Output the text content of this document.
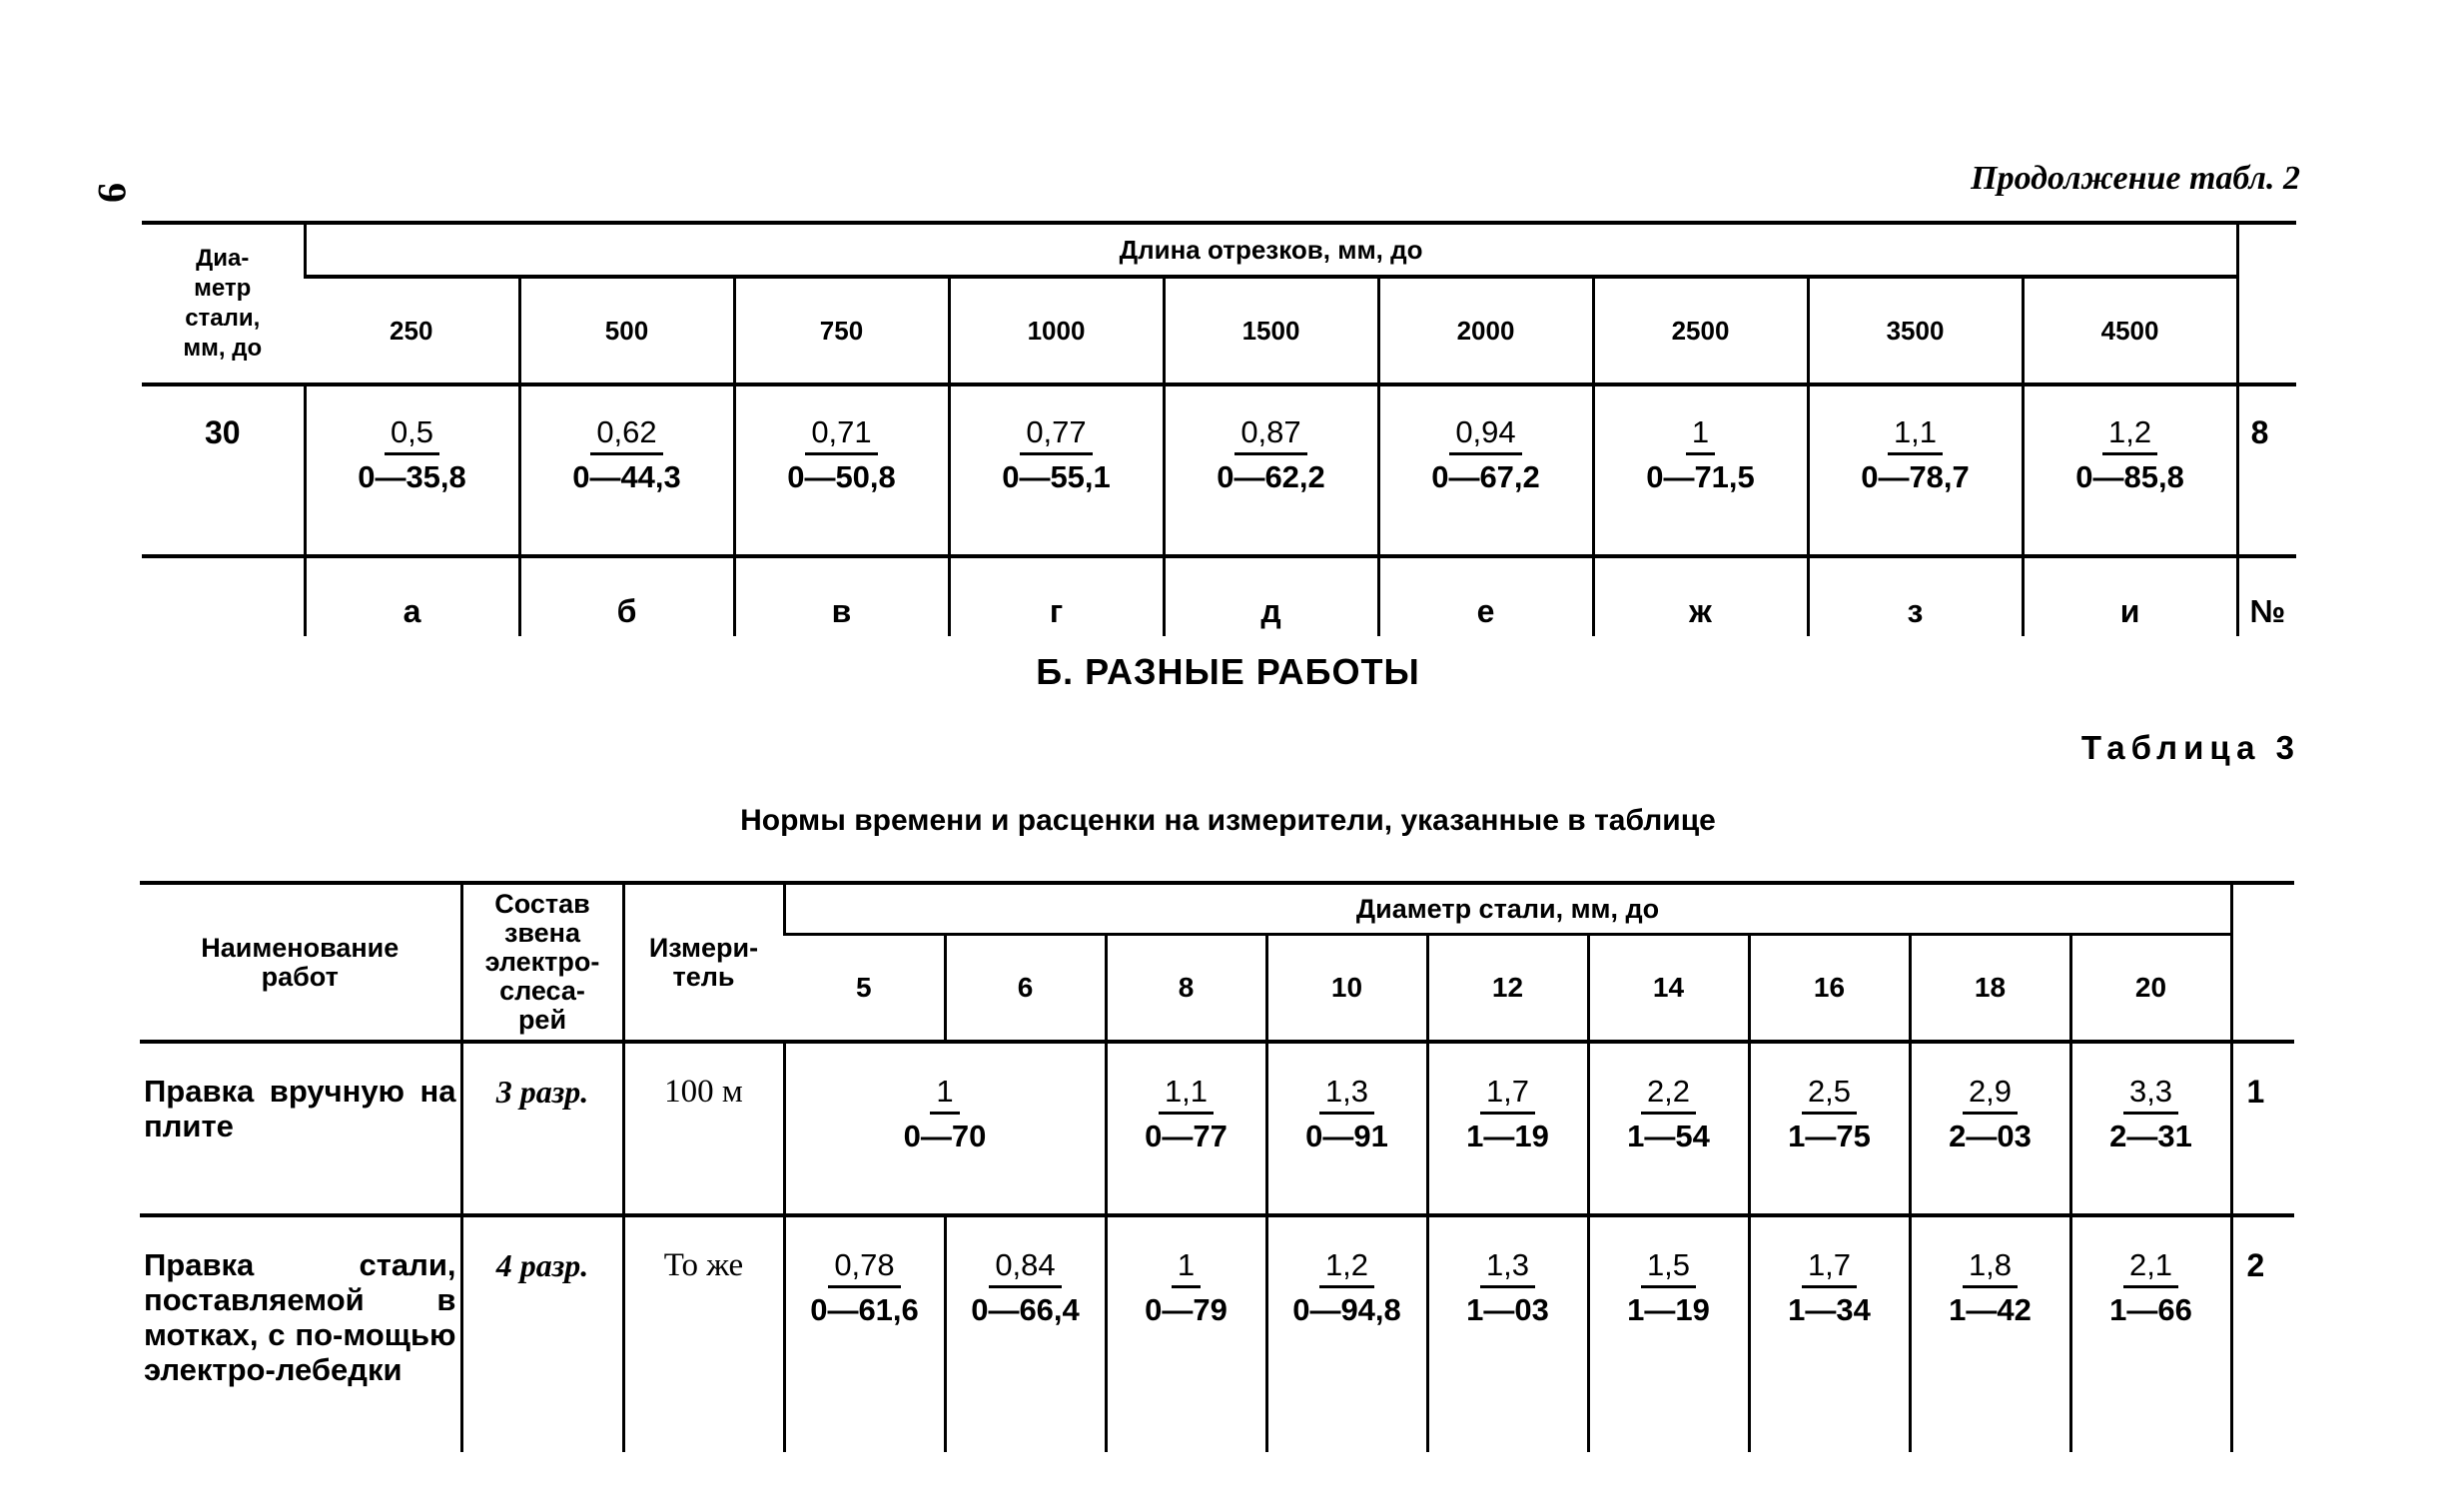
9	Продолжение табл. 2
Диа-
метр
стали,
мм, до	Длина отрезков, мм, до									
	250	500	750	1000	1500	2000	2500	3500	4500	
30	$\frac{0,5}{0—35,8}$	$\frac{0,62}{0—44,3}$	$\frac{0,71}{0—50,8}$	$\frac{0,77}{0—55,1}$	$\frac{0,87}{0—62,2}$	$\frac{0,94}{0—67,2}$	$\frac{1}{0—71,5}$	$\frac{1,1}{0—78,7}$	$\frac{1,2}{0—85,8}$	8
	а	б	в	г	д	е	ж	з	и	№
Б. РАЗНЫЕ РАБОТЫ
Таблица 3
Нормы времени и расценки на измерители, указанные в таблице
Наименование
работ	Состав
звена
электро-
слеса-
рей	Измери-
тель	Диаметр стали, мм, до									
			5	6	8	10	12	14	16	18	20	
Правка вручную на плите	3 разр.	100 м	$\frac{1}{0—70}$		$\frac{1,1}{0—77}$	$\frac{1,3}{0—91}$	$\frac{1,7}{1—19}$	$\frac{2,2}{1—54}$	$\frac{2,5}{1—75}$	$\frac{2,9}{2—03}$	$\frac{3,3}{2—31}$	1
Правка стали, поставляемой в мотках, с по-мощью электро-лебедки	4 разр.	То же	$\frac{0,78}{0—61,6}$	$\frac{0,84}{0—66,4}$	$\frac{1}{0—79}$	$\frac{1,2}{0—94,8}$	$\frac{1,3}{1—03}$	$\frac{1,5}{1—19}$	$\frac{1,7}{1—34}$	$\frac{1,8}{1—42}$	$\frac{2,1}{1—66}$	2
